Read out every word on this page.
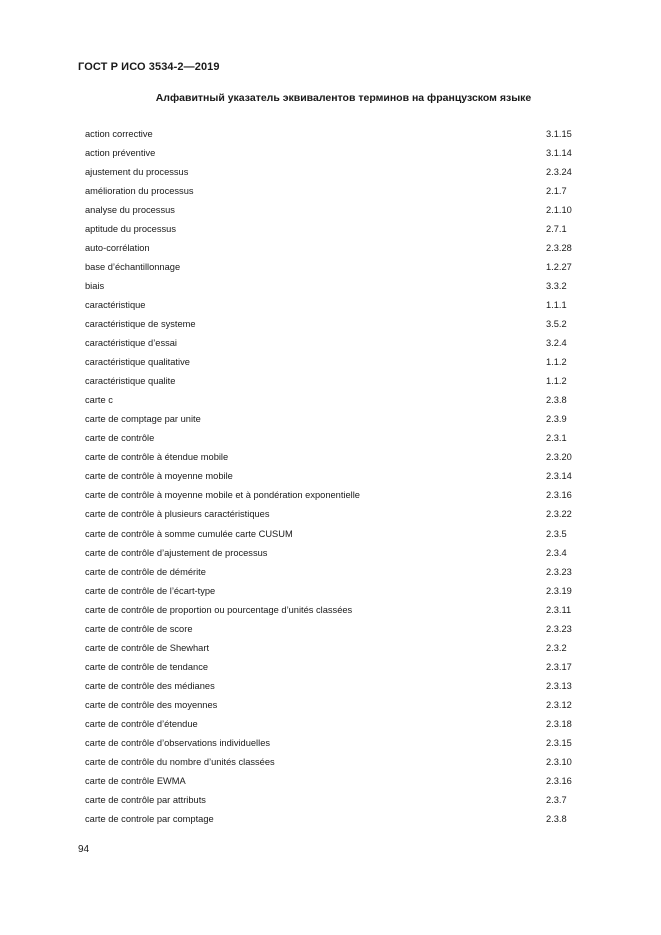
ГОСТ Р ИСО 3534-2—2019
Алфавитный указатель эквивалентов терминов на французском языке
action corrective	3.1.15
action préventive	3.1.14
ajustement du processus	2.3.24
amélioration du processus	2.1.7
analyse du processus	2.1.10
aptitude du processus	2.7.1
auto-corrélation	2.3.28
base d’échantillonnage	1.2.27
biais	3.3.2
caractéristique	1.1.1
caractéristique de systeme	3.5.2
caractéristique d’essai	3.2.4
caractéristique qualitative	1.1.2
caractéristique qualite	1.1.2
carte c	2.3.8
carte de comptage par unite	2.3.9
carte de contrôle	2.3.1
carte de contrôle à étendue mobile	2.3.20
carte de contrôle à moyenne mobile	2.3.14
carte de contrôle à moyenne mobile et à pondération exponentielle	2.3.16
carte de contrôle à plusieurs caractéristiques	2.3.22
carte de contrôle à somme cumulée carte CUSUM	2.3.5
carte de contrôle d’ajustement de processus	2.3.4
carte de contrôle de démérite	2.3.23
carte de contrôle de l’écart-type	2.3.19
carte de contrôle de proportion ou pourcentage d’unités classées	2.3.11
carte de contrôle de score	2.3.23
carte de contrôle de Shewhart	2.3.2
carte de contrôle de tendance	2.3.17
carte de contrôle des médianes	2.3.13
carte de contrôle des moyennes	2.3.12
carte de contrôle d’étendue	2.3.18
carte de contrôle d’observations individuelles	2.3.15
carte de contrôle du nombre d’unités classées	2.3.10
carte de contrôle EWMA	2.3.16
carte de contrôle par attributs	2.3.7
carte de controle par comptage	2.3.8
94
